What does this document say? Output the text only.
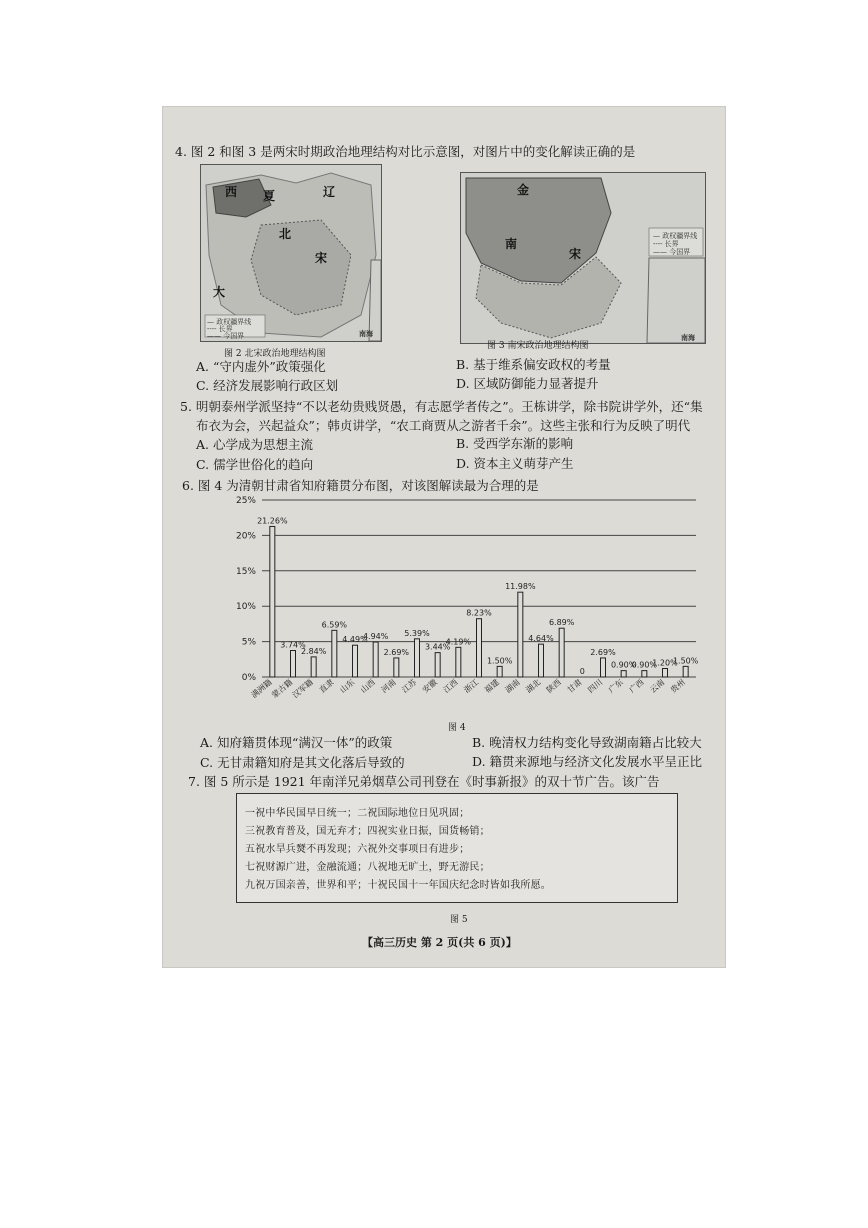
4. 图 2 和图 3 是两宋时期政治地理结构对比示意图，对图片中的变化解读正确的是
西 夏	辽
北
宋
大
— 政权疆界线
---- 长界
—— 今国界	南海
图 2 北宋政治地理结构图
金
南
宋
— 政权疆界线
---- 长界
—— 今国界
南海
图 3 南宋政治地理结构图
A. “守内虚外”政策强化	B. 基于维系偏安政权的考量
C. 经济发展影响行政区划	D. 区域防御能力显著提升
5. 明朝泰州学派坚持“不以老幼贵贱贤愚，有志愿学者传之”。王栋讲学，除书院讲学外，还“集
布衣为会，兴起益众”；韩贞讲学，“农工商贾从之游者千余”。这些主张和行为反映了明代
A. 心学成为思想主流	B. 受西学东渐的影响
C. 儒学世俗化的趋向	D. 资本主义萌芽产生
6. 图 4 为清朝甘肃省知府籍贯分布图，对该图解读最为合理的是
0%
5%
10%
15%
20%
25%
21.26%
满洲籍
3.74%
蒙古籍
2.84%
汉军籍
6.59%
直隶
4.49%
山东
4.94%
山西
2.69%
河南
5.39%
江苏
3.44%
安徽
4.19%
江西
8.23%
浙江
1.50%
福建
11.98%
湖南
4.64%
湖北
6.89%
陕西
0
甘肃
2.69%
四川
0.90%
广东
0.90%
广西
1.20%
云南
1.50%
贵州
图 4
A. 知府籍贯体现“满汉一体”的政策	B. 晚清权力结构变化导致湖南籍占比较大
C. 无甘肃籍知府是其文化落后导致的	D. 籍贯来源地与经济文化发展水平呈正比
7. 图 5 所示是 1921 年南洋兄弟烟草公司刊登在《时事新报》的双十节广告。该广告
一祝中华民国早日统一；二祝国际地位日见巩固；
三祝教育普及，国无弃才；四祝实业日振，国货畅销；
五祝水旱兵燹不再发现；六祝外交事项日有进步；
七祝财源广进，金融流通；八祝地无旷土，野无游民；
九祝万国亲善，世界和平；十祝民国十一年国庆纪念时皆如我所愿。
图 5
【高三历史 第 2 页(共 6 页)】
